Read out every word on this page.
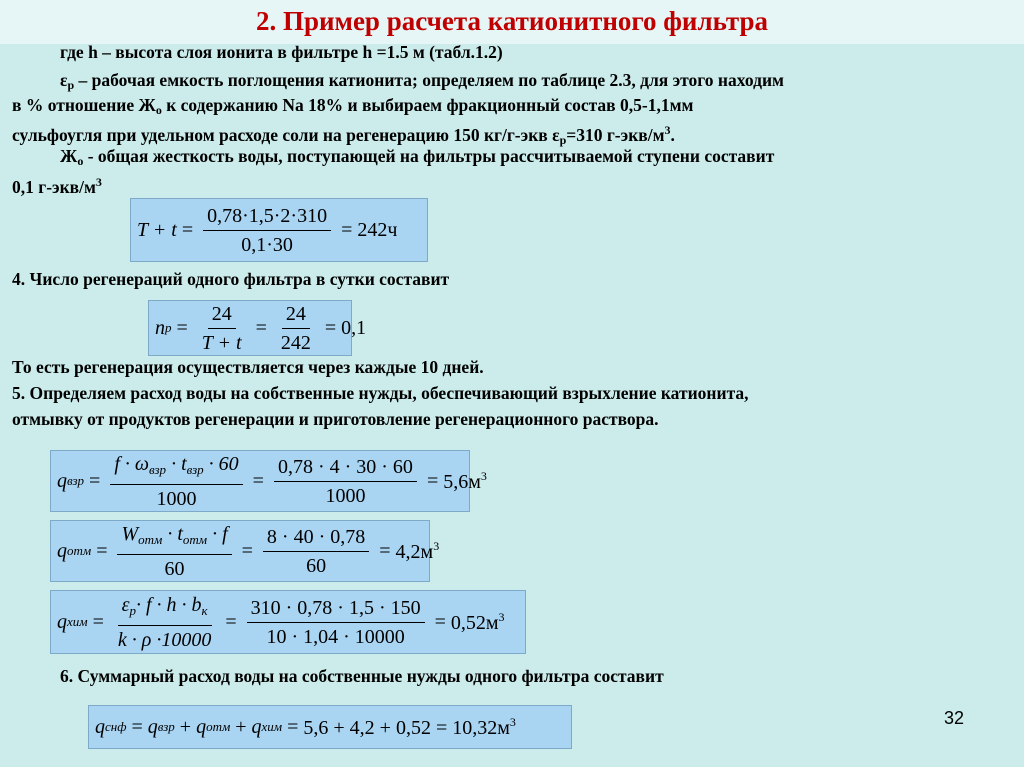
2. Пример расчета катионитного фильтра
где h – высота слоя ионита в фильтре h =1.5 м (табл.1.2)
$\varepsilon_p$ – рабочая емкость поглощения катионита; определяем по таблице 2.3, для этого находим
в % отношение $Ж_o$ к содержанию Na 18% и выбираем фракционный состав 0,5-1,1мм
сульфоугля при удельном расходе соли на регенерацию 150 кг/г-экв $\varepsilon_p=310$ $г-экв/м^3$.
$Ж_o$ - общая жесткость воды, поступающей на фильтры рассчитываемой ступени составит
0,1 $г-экв/м^3$
$T + t = \frac{0,78\cdot 1,5\cdot 2\cdot 310}{0,1\cdot 30} = 242ч$
4. Число регенераций одного фильтра в сутки составит
n $p = \frac{24}{T + t} = \frac{24}{242} = 0,1$
То есть регенерация осуществляется через каждые 10 дней.
5. Определяем расход воды на собственные нужды, обеспечивающий взрыхление катионита,
отмывку от продуктов регенерации и приготовление регенерационного раствора.
q взр = $\frac{f \cdot \omega_{взр} \cdot t_{взр} \cdot 60}{1000} = \frac{0,78 \cdot 4 \cdot 30 \cdot 60}{1000} = 5,6м^3$
q отм = $\frac{W_{отм} \cdot t_{отм} \cdot f}{60} = \frac{8 \cdot 40 \cdot 0,78}{60} = 4,2м^3$
q хим = $\frac{\varepsilon_p\cdot f \cdot h \cdot b_к}{k \cdot \rho \cdot 10000} = \frac{310 \cdot 0,78 \cdot 1,5 \cdot 150}{10 \cdot 1,04 \cdot 10000} = 0,52м^3$
6. Суммарный расход воды на собственные нужды одного фильтра составит
q снф = q взр + q отм + q хим = $5,6 + 4,2 + 0,52 = 10,32м^3$	32
